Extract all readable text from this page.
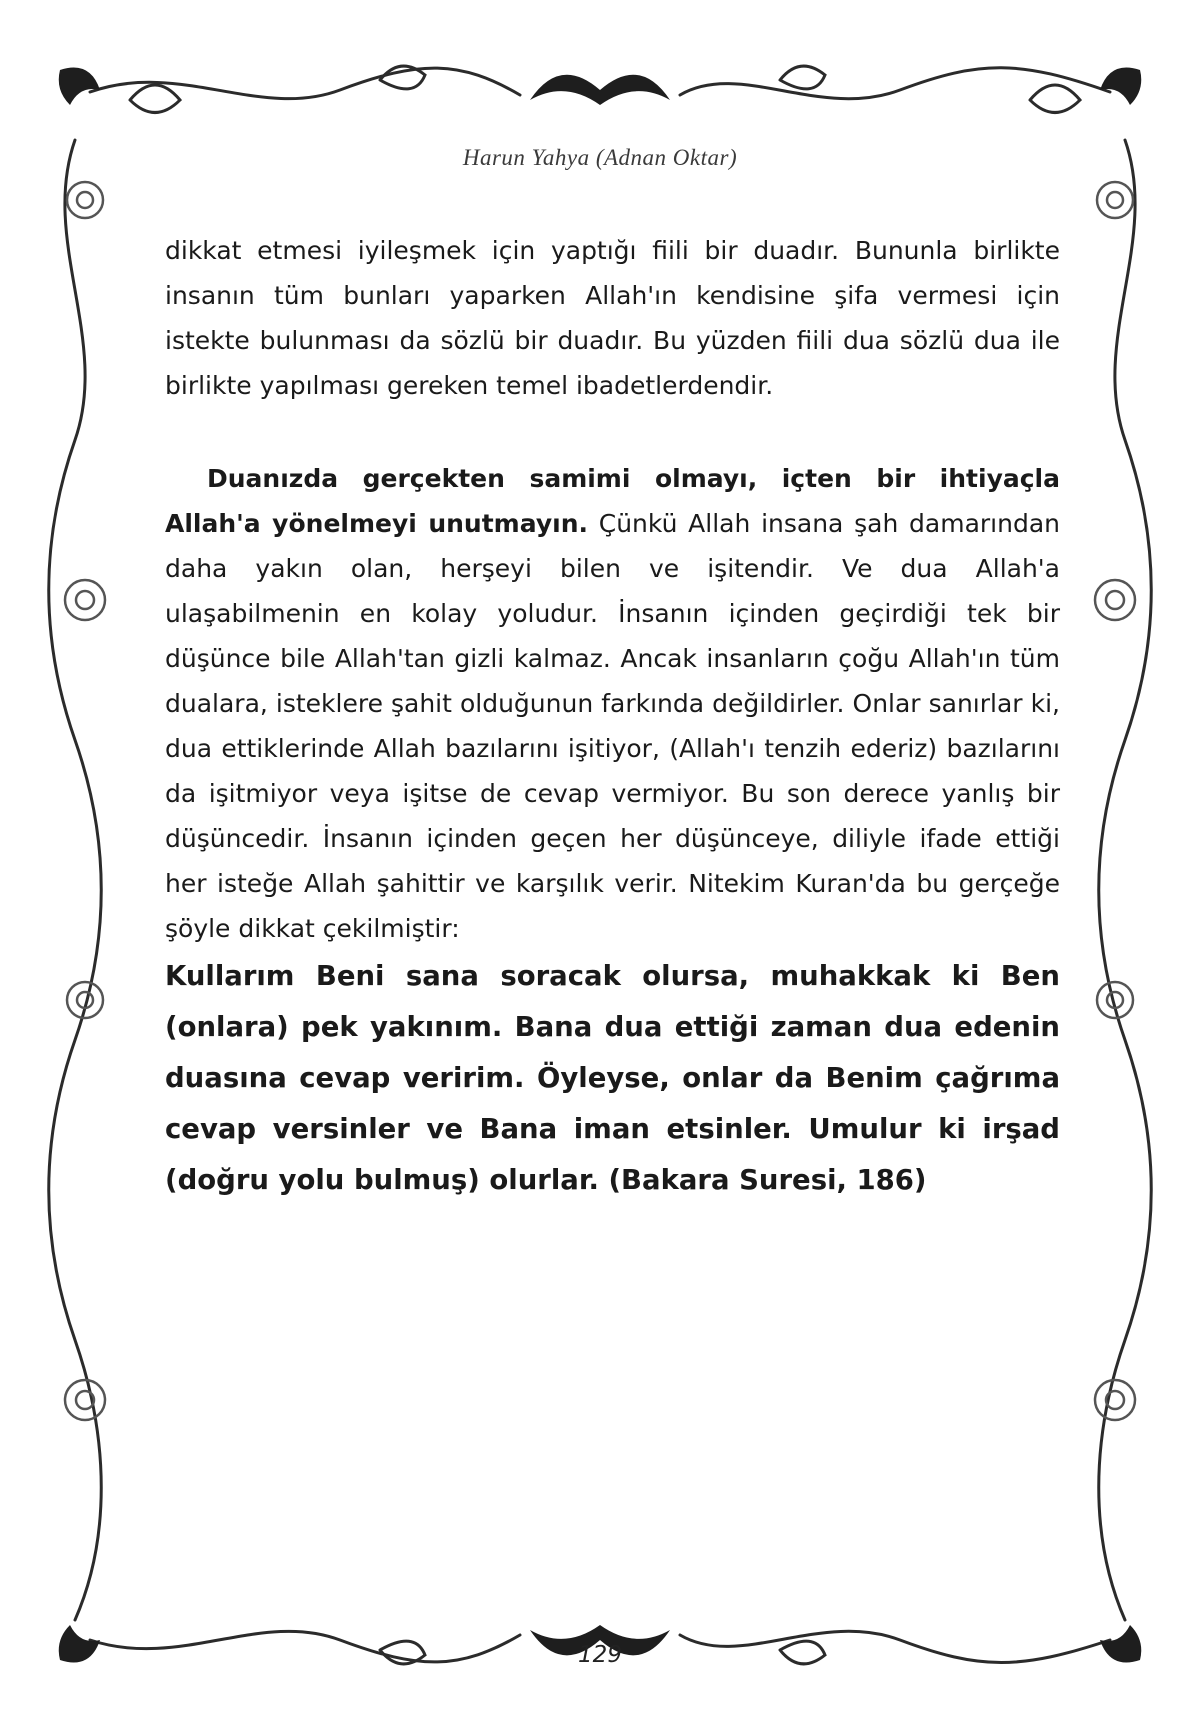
Harun Yahya (Adnan Oktar)

dikkat etmesi iyileşmek için yaptığı fiili bir duadır. Bununla birlikte insanın tüm bunları yaparken Allah'ın kendisine şifa vermesi için istekte bulunması da sözlü bir duadır. Bu yüzden fiili dua sözlü dua ile birlikte yapılması gereken temel ibadetlerdendir.

Duanızda gerçekten samimi olmayı, içten bir ihtiyaçla Allah'a yönelmeyi unutmayın. Çünkü Allah insana şah damarından daha yakın olan, herşeyi bilen ve işitendir. Ve dua Allah'a ulaşabilmenin en kolay yoludur. İnsanın içinden geçirdiği tek bir düşünce bile Allah'tan gizli kalmaz. Ancak insanların çoğu Allah'ın tüm dualara, isteklere şahit olduğunun farkında değildirler. Onlar sanırlar ki, dua ettiklerinde Allah bazılarını işitiyor, (Allah'ı tenzih ederiz) bazılarını da işitmiyor veya işitse de cevap vermiyor. Bu son derece yanlış bir düşüncedir. İnsanın içinden geçen her düşünceye, diliyle ifade ettiği her isteğe Allah şahittir ve karşılık verir. Nitekim Kuran'da bu gerçeğe şöyle dikkat çekilmiştir:

Kullarım Beni sana soracak olursa, muhakkak ki Ben (onlara) pek yakınım. Bana dua ettiği zaman dua edenin duasına cevap veririm. Öyleyse, onlar da Benim çağrıma cevap versinler ve Bana iman etsinler. Umulur ki irşad (doğru yolu bulmuş) olurlar. (Bakara Suresi, 186)

129
